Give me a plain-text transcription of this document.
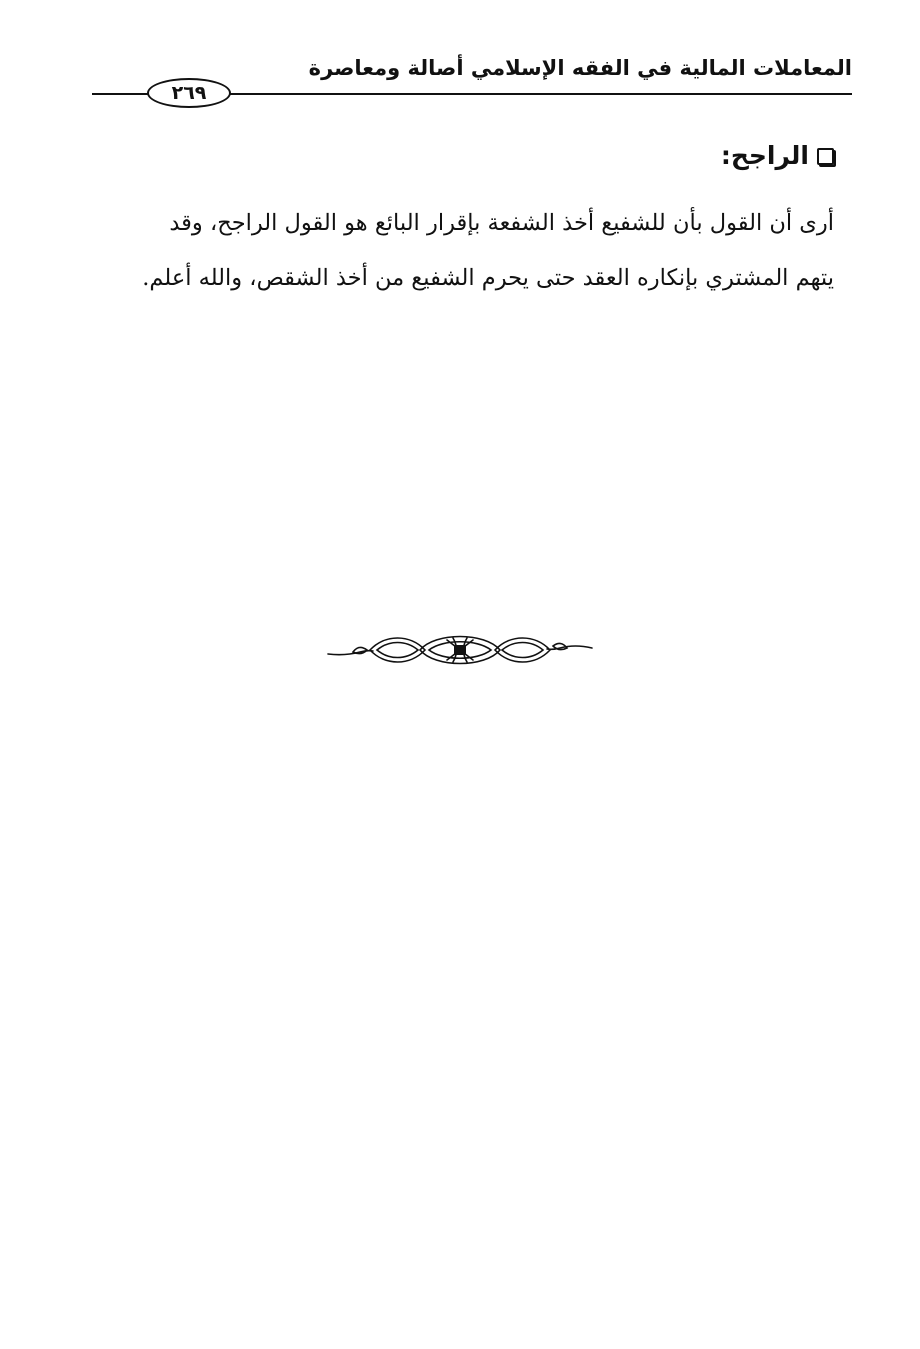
المعاملات المالية في الفقه الإسلامي أصالة ومعاصرة
٢٦٩
الراجح:

أرى أن القول بأن للشفيع أخذ الشفعة بإقرار البائع هو القول الراجح، وقد
يتهم المشتري بإنكاره العقد حتى يحرم الشفيع من أخذ الشقص، والله أعلم.
